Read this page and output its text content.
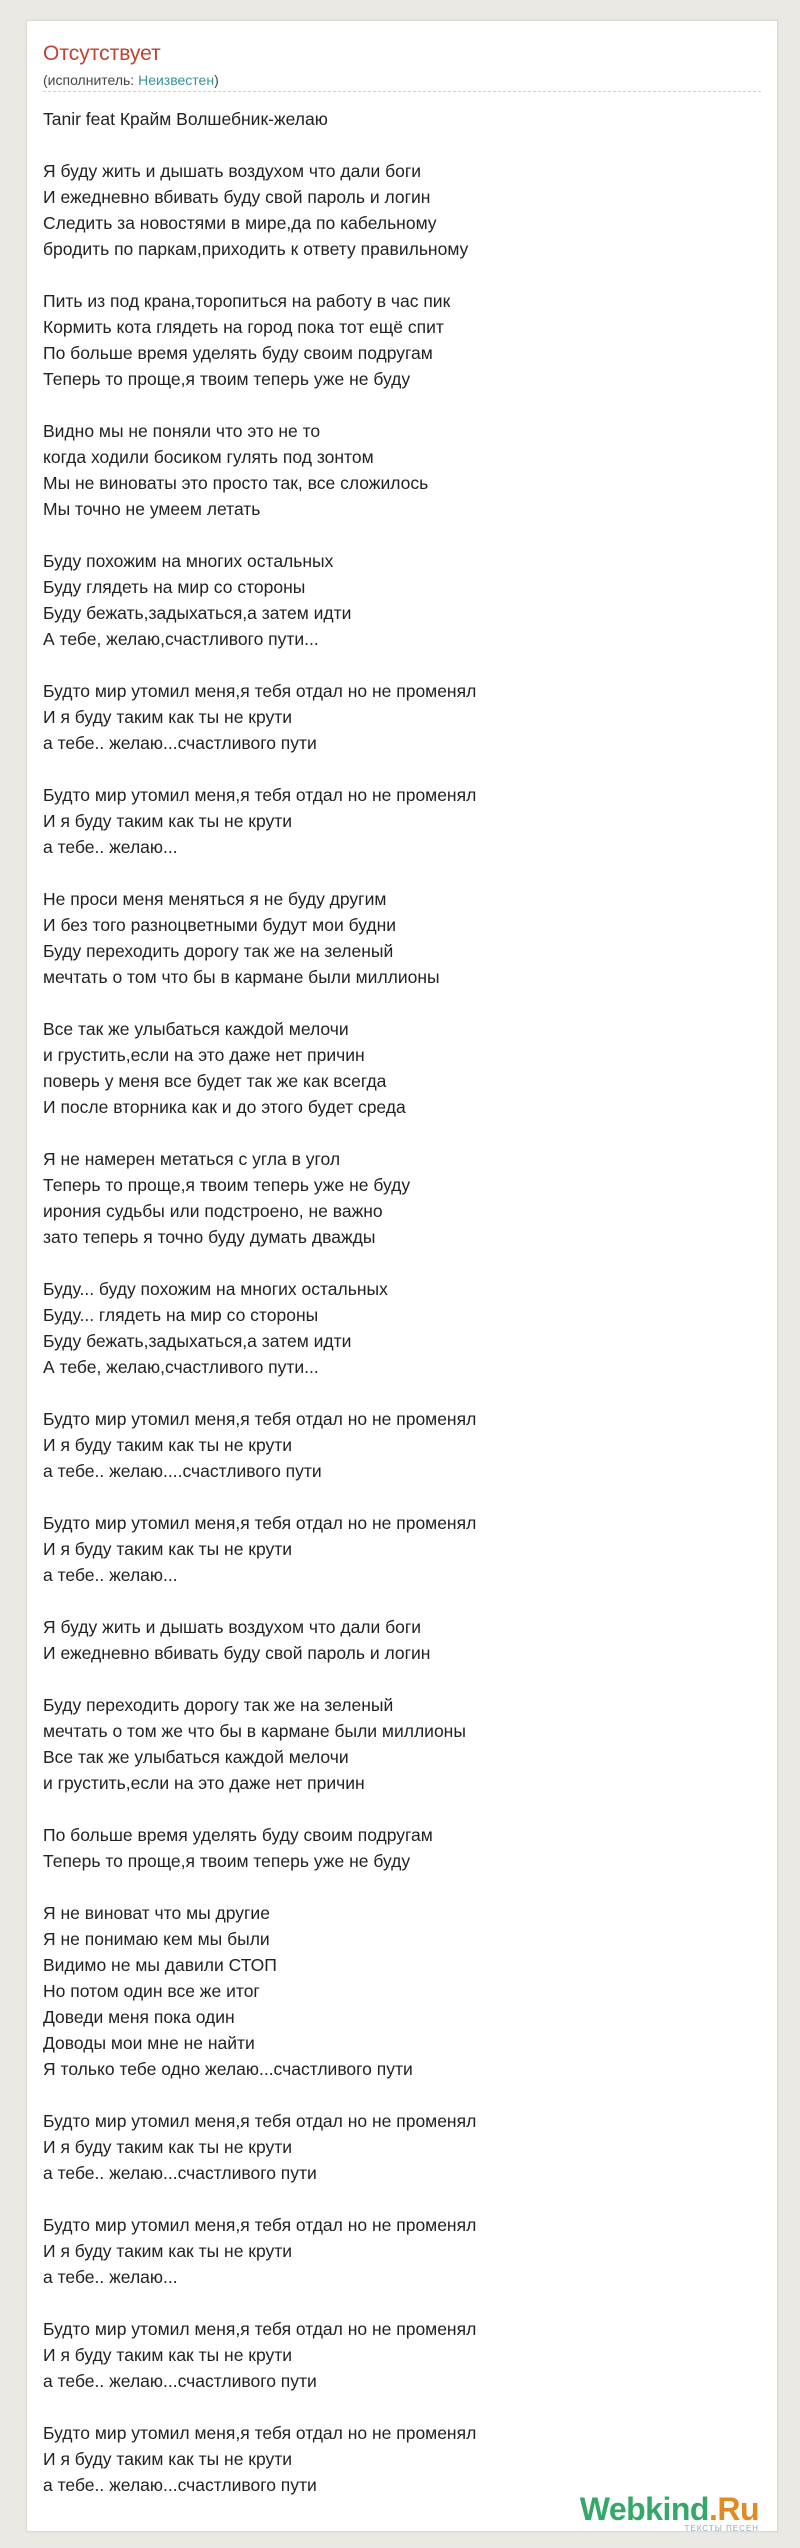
Отсутствует
(исполнитель: Неизвестен)
Tanir feat Крайм Волшебник-желаю
Я буду жить и дышать воздухом что дали боги
И ежедневно вбивать буду свой пароль и логин
Следить за новостями в мире,да по кабельному
бродить по паркам,приходить к ответу правильному
Пить из под крана,торопиться на работу в час пик
Кормить кота глядеть на город пока тот ещё спит
По больше время уделять буду своим подругам
Теперь то проще,я твоим теперь уже не буду
Видно мы не поняли что это не то
когда ходили босиком гулять под зонтом
Мы не виноваты это просто так, все сложилось
Мы точно не умеем летать
Буду похожим на многих остальных
Буду глядеть на мир со стороны
Буду бежать,задыхаться,а затем идти
А тебе, желаю,счастливого пути...
Будто мир утомил меня,я тебя отдал но не променял
И я буду таким как ты не крути
а тебе.. желаю...счастливого пути
Будто мир утомил меня,я тебя отдал но не променял
И я буду таким как ты не крути
а тебе.. желаю...
Не проси меня меняться я не буду другим
И без того разноцветными будут мои будни
Буду переходить дорогу так же на зеленый
мечтать о том что бы в кармане были миллионы
Все так же улыбаться каждой мелочи
и грустить,если на это даже нет причин
поверь у меня все будет так же как всегда
И после вторника как и до этого будет среда
Я не намерен метаться с угла в угол
Теперь то проще,я твоим теперь уже не буду
ирония судьбы или подстроено, не важно
зато теперь я точно буду думать дважды
Буду... буду похожим на многих остальных
Буду... глядеть на мир со стороны
Буду бежать,задыхаться,а затем идти
А тебе, желаю,счастливого пути...
Будто мир утомил меня,я тебя отдал но не променял
И я буду таким как ты не крути
а тебе.. желаю....счастливого пути
Будто мир утомил меня,я тебя отдал но не променял
И я буду таким как ты не крути
а тебе.. желаю...
Я буду жить и дышать воздухом что дали боги
И ежедневно вбивать буду свой пароль и логин
Буду переходить дорогу так же на зеленый
мечтать о том же что бы в кармане были миллионы
Все так же улыбаться каждой мелочи
и грустить,если на это даже нет причин
По больше время уделять буду своим подругам
Теперь то проще,я твоим теперь уже не буду
Я не виноват что мы другие
Я не понимаю кем мы были
Видимо не мы давили СТОП
Но потом один все же итог
Доведи меня пока один
Доводы мои мне не найти
Я только тебе одно желаю...счастливого пути
Будто мир утомил меня,я тебя отдал но не променял
И я буду таким как ты не крути
а тебе.. желаю...счастливого пути
Будто мир утомил меня,я тебя отдал но не променял
И я буду таким как ты не крути
а тебе.. желаю...
Будто мир утомил меня,я тебя отдал но не променял
И я буду таким как ты не крути
а тебе.. желаю...счастливого пути
Будто мир утомил меня,я тебя отдал но не променял
И я буду таким как ты не крути
а тебе.. желаю...счастливого пути
Webkind.Ru
ТЕКСТЫ ПЕСЕН
